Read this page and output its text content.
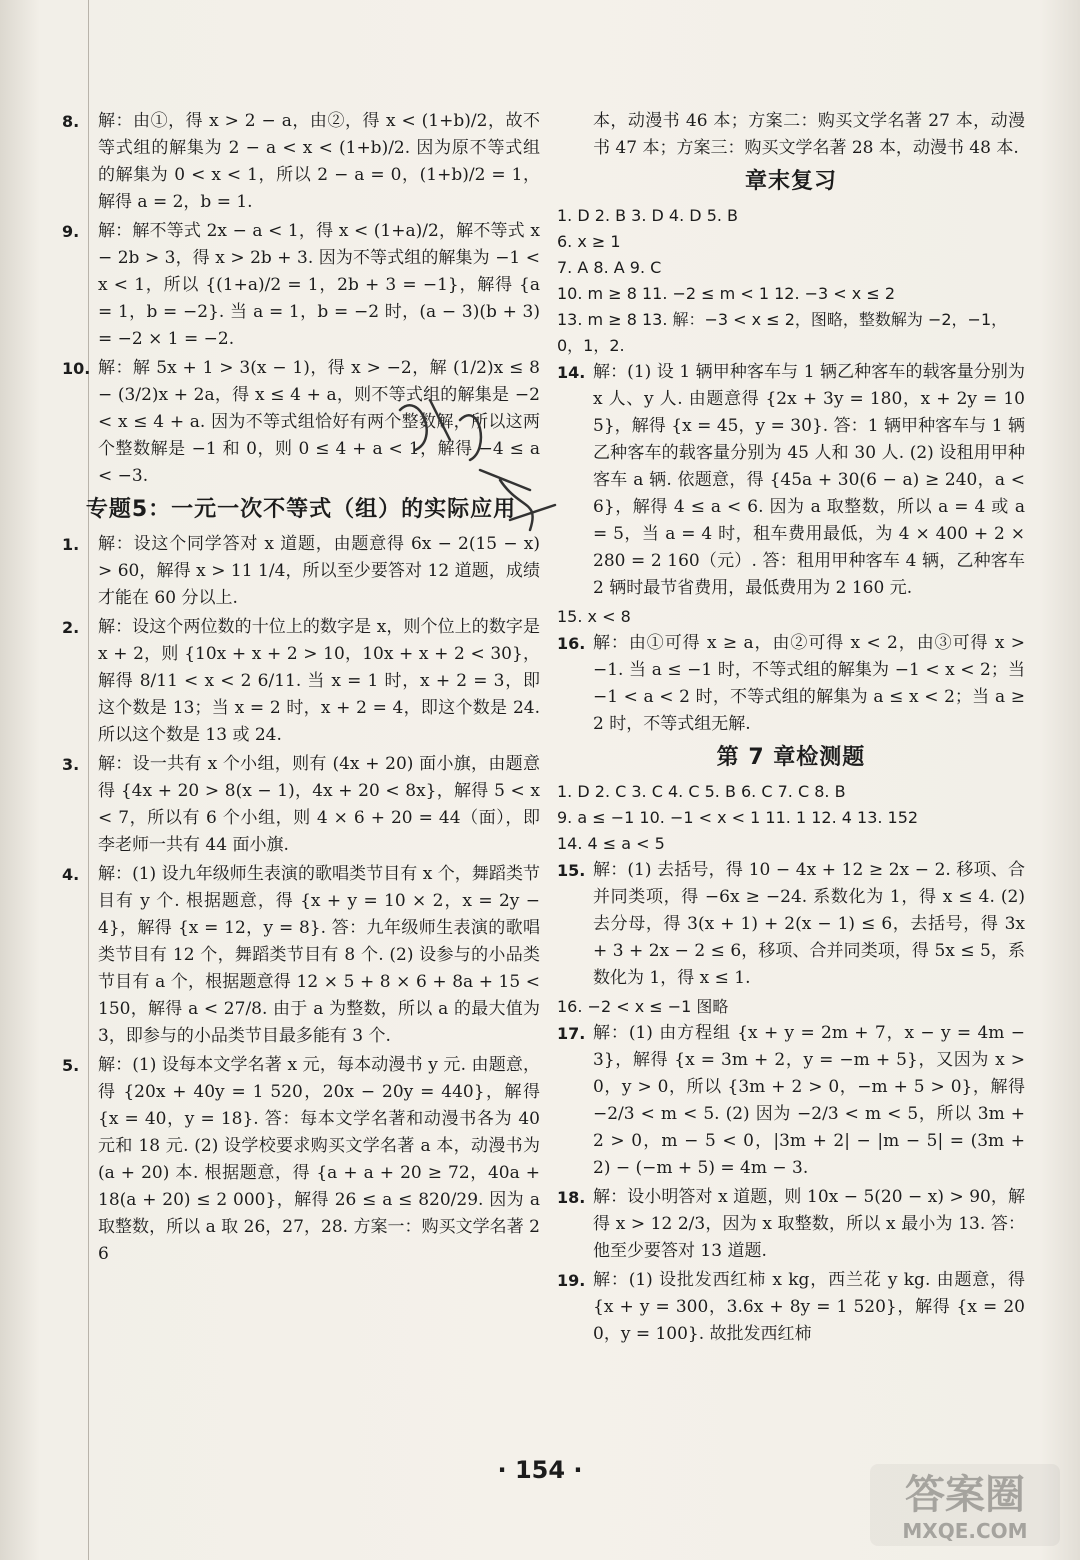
8.	解：由①，得 x > 2 − a，由②，得 x < (1+b)/2，故不等式组的解集为 2 − a < x < (1+b)/2. 因为原不等式组的解集为 0 < x < 1，所以 2 − a = 0，(1+b)/2 = 1，解得 a = 2，b = 1.
9.	解：解不等式 2x − a < 1，得 x < (1+a)/2，解不等式 x − 2b > 3，得 x > 2b + 3. 因为不等式组的解集为 −1 < x < 1，所以 {(1+a)/2 = 1，2b + 3 = −1}，解得 {a = 1，b = −2}. 当 a = 1，b = −2 时，(a − 3)(b + 3) = −2 × 1 = −2.
10. 解：解 5x + 1 > 3(x − 1)，得 x > −2，解 (1/2)x ≤ 8 − (3/2)x + 2a，得 x ≤ 4 + a，则不等式组的解集是 −2 < x ≤ 4 + a. 因为不等式组恰好有两个整数解，所以这两个整数解是 −1 和 0，则 0 ≤ 4 + a < 1，解得 −4 ≤ a < −3.
专题5：一元一次不等式（组）的实际应用
1.	解：设这个同学答对 x 道题，由题意得 6x − 2(15 − x) > 60，解得 x > 11 1/4，所以至少要答对 12 道题，成绩才能在 60 分以上.
2.	解：设这个两位数的十位上的数字是 x，则个位上的数字是 x + 2，则 {10x + x + 2 > 10，10x + x + 2 < 30}，解得 8/11 < x < 2 6/11. 当 x = 1 时，x + 2 = 3，即这个数是 13；当 x = 2 时，x + 2 = 4，即这个数是 24. 所以这个数是 13 或 24.
3.	解：设一共有 x 个小组，则有 (4x + 20) 面小旗，由题意得 {4x + 20 > 8(x − 1)，4x + 20 < 8x}，解得 5 < x < 7，所以有 6 个小组，则 4 × 6 + 20 = 44（面），即李老师一共有 44 面小旗.
4.	解：(1) 设九年级师生表演的歌唱类节目有 x 个，舞蹈类节目有 y 个. 根据题意，得 {x + y = 10 × 2，x = 2y − 4}，解得 {x = 12，y = 8}. 答：九年级师生表演的歌唱类节目有 12 个，舞蹈类节目有 8 个. (2) 设参与的小品类节目有 a 个，根据题意得 12 × 5 + 8 × 6 + 8a + 15 < 150，解得 a < 27/8. 由于 a 为整数，所以 a 的最大值为 3，即参与的小品类节目最多能有 3 个.
5.	解：(1) 设每本文学名著 x 元，每本动漫书 y 元. 由题意，得 {20x + 40y = 1 520，20x − 20y = 440}，解得 {x = 40，y = 18}. 答：每本文学名著和动漫书各为 40 元和 18 元. (2) 设学校要求购买文学名著 a 本，动漫书为 (a + 20) 本. 根据题意，得 {a + a + 20 ≥ 72，40a + 18(a + 20) ≤ 2 000}，解得 26 ≤ a ≤ 820/29. 因为 a 取整数，所以 a 取 26，27，28. 方案一：购买文学名著 26
本，动漫书 46 本；方案二：购买文学名著 27 本，动漫书 47 本；方案三：购买文学名著 28 本，动漫书 48 本.
章末复习
1. D 2. B 3. D 4. D 5. B
6. x ≥ 1
7. A 8. A 9. C
10. m ≥ 8 11. −2 ≤ m < 1 12. −3 < x ≤ 2
13. m ≥ 8 13. 解：−3 < x ≤ 2，图略，整数解为 −2，−1，0，1，2.
14. 解：(1) 设 1 辆甲种客车与 1 辆乙种客车的载客量分别为 x 人、y 人. 由题意得 {2x + 3y = 180，x + 2y = 105}，解得 {x = 45，y = 30}. 答：1 辆甲种客车与 1 辆乙种客车的载客量分别为 45 人和 30 人. (2) 设租用甲种客车 a 辆. 依题意，得 {45a + 30(6 − a) ≥ 240，a < 6}，解得 4 ≤ a < 6. 因为 a 取整数，所以 a = 4 或 a = 5，当 a = 4 时，租车费用最低，为 4 × 400 + 2 × 280 = 2 160（元）. 答：租用甲种客车 4 辆，乙种客车 2 辆时最节省费用，最低费用为 2 160 元.
15. x < 8
16. 解：由①可得 x ≥ a，由②可得 x < 2，由③可得 x > −1. 当 a ≤ −1 时，不等式组的解集为 −1 < x < 2；当 −1 < a < 2 时，不等式组的解集为 a ≤ x < 2；当 a ≥ 2 时，不等式组无解.
第 7 章检测题
1. D 2. C 3. C 4. C 5. B 6. C 7. C 8. B
9. a ≤ −1 10. −1 < x < 1 11. 1 12. 4 13. 152
14. 4 ≤ a < 5
15. 解：(1) 去括号，得 10 − 4x + 12 ≥ 2x − 2. 移项、合并同类项，得 −6x ≥ −24. 系数化为 1，得 x ≤ 4. (2) 去分母，得 3(x + 1) + 2(x − 1) ≤ 6，去括号，得 3x + 3 + 2x − 2 ≤ 6，移项、合并同类项，得 5x ≤ 5，系数化为 1，得 x ≤ 1.
16. −2 < x ≤ −1 图略
17. 解：(1) 由方程组 {x + y = 2m + 7，x − y = 4m − 3}，解得 {x = 3m + 2，y = −m + 5}，又因为 x > 0，y > 0，所以 {3m + 2 > 0，−m + 5 > 0}，解得 −2/3 < m < 5. (2) 因为 −2/3 < m < 5，所以 3m + 2 > 0，m − 5 < 0，|3m + 2| − |m − 5| = (3m + 2) − (−m + 5) = 4m − 3.
18. 解：设小明答对 x 道题，则 10x − 5(20 − x) > 90，解得 x > 12 2/3，因为 x 取整数，所以 x 最小为 13. 答：他至少要答对 13 道题.
19. 解：(1) 设批发西红柿 x kg，西兰花 y kg. 由题意，得 {x + y = 300，3.6x + 8y = 1 520}，解得 {x = 200，y = 100}. 故批发西红柿
· 154 ·
答案圈
MXQE.COM
